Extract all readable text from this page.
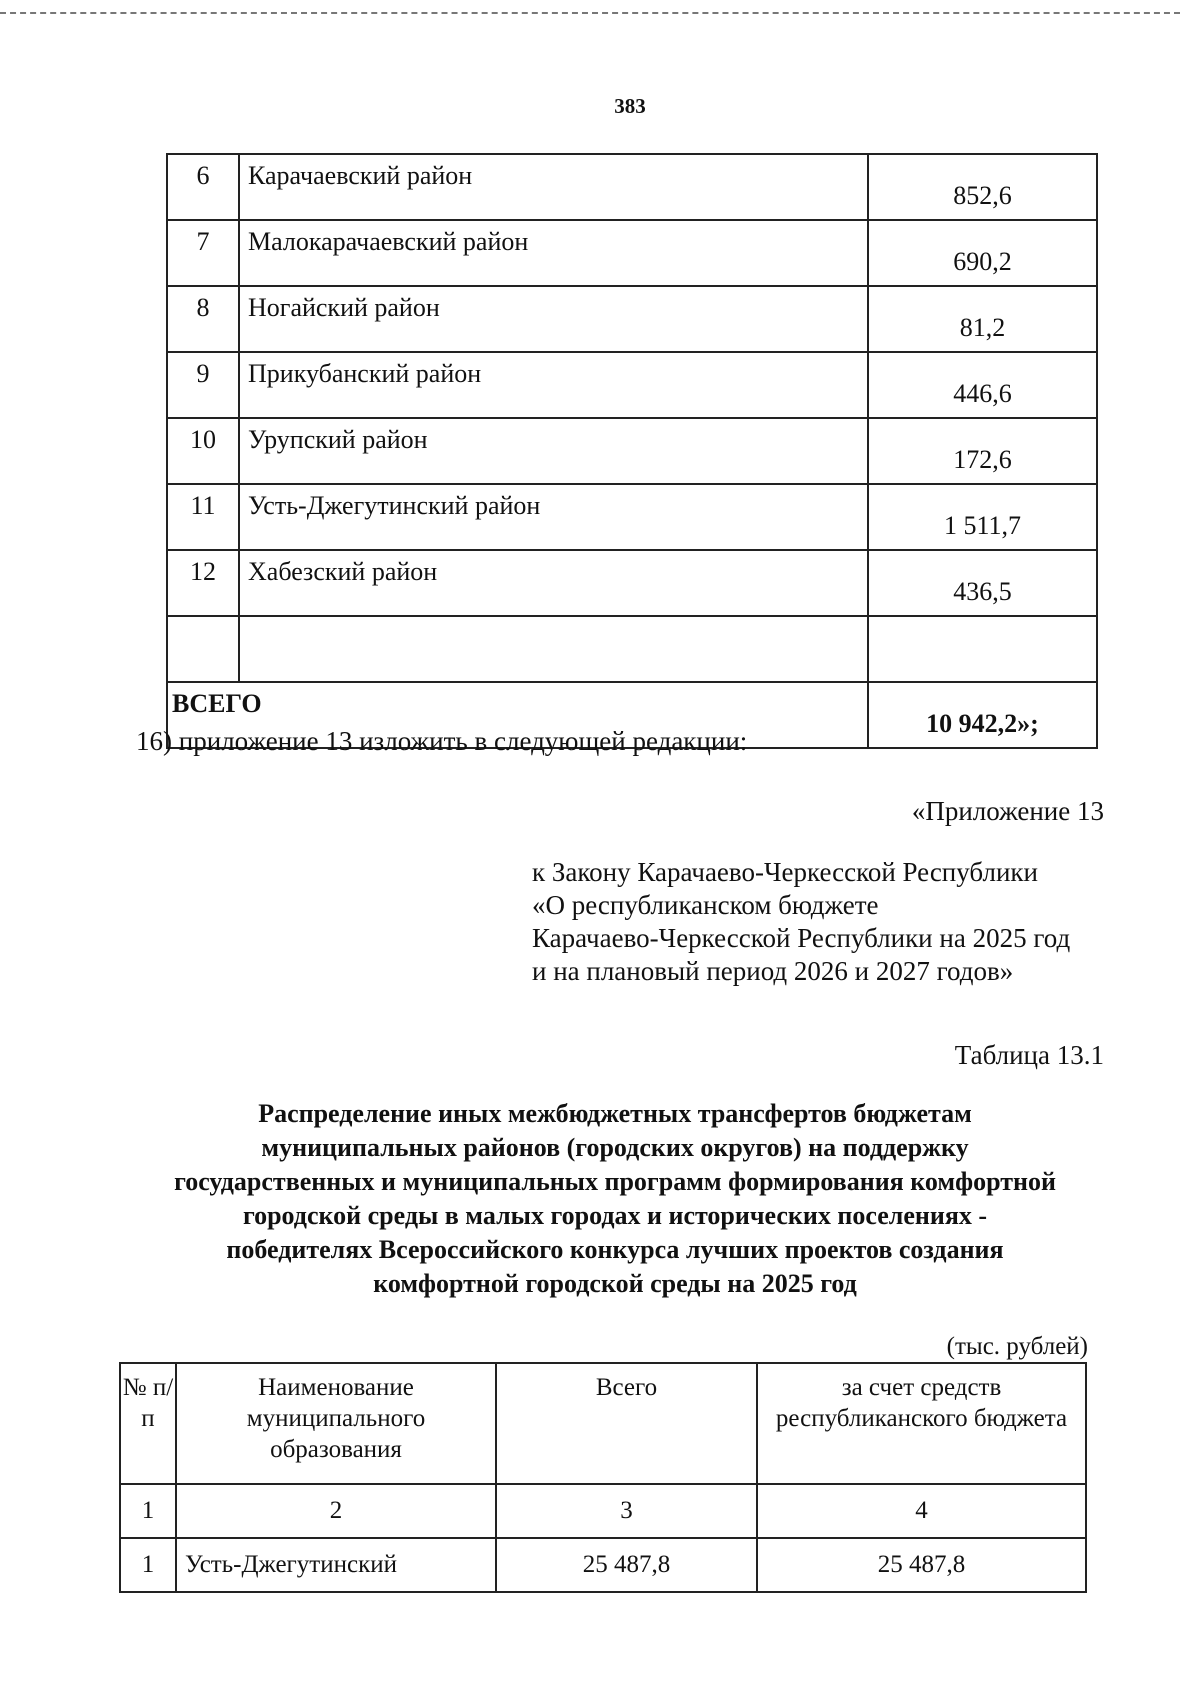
383
6	Карачаевский район	852,6
7	Малокарачаевский район	690,2
8	Ногайский район	81,2
9	Прикубанский район	446,6
10	Урупский район	172,6
11	Усть-Джегутинский район	1 511,7
12	Хабезский район	436,5

ВСЕГО		10 942,2»;
16) приложение 13 изложить в следующей редакции:
«Приложение 13
к Закону Карачаево-Черкесской Республики
«О республиканском бюджете
Карачаево-Черкесской Республики на 2025 год
и на плановый период 2026 и 2027 годов»
Таблица 13.1
Распределение иных межбюджетных трансфертов бюджетам
муниципальных районов (городских округов) на поддержку
государственных и муниципальных программ формирования комфортной
городской среды в малых городах и исторических поселениях -
победителях Всероссийского конкурса лучших проектов создания
комфортной городской среды на 2025 год
(тыс. рублей)
№ п/п	Наименование муниципального образования	Всего	за счет средств республиканского бюджета
1	2	3	4
1	Усть-Джегутинский	25 487,8	25 487,8
